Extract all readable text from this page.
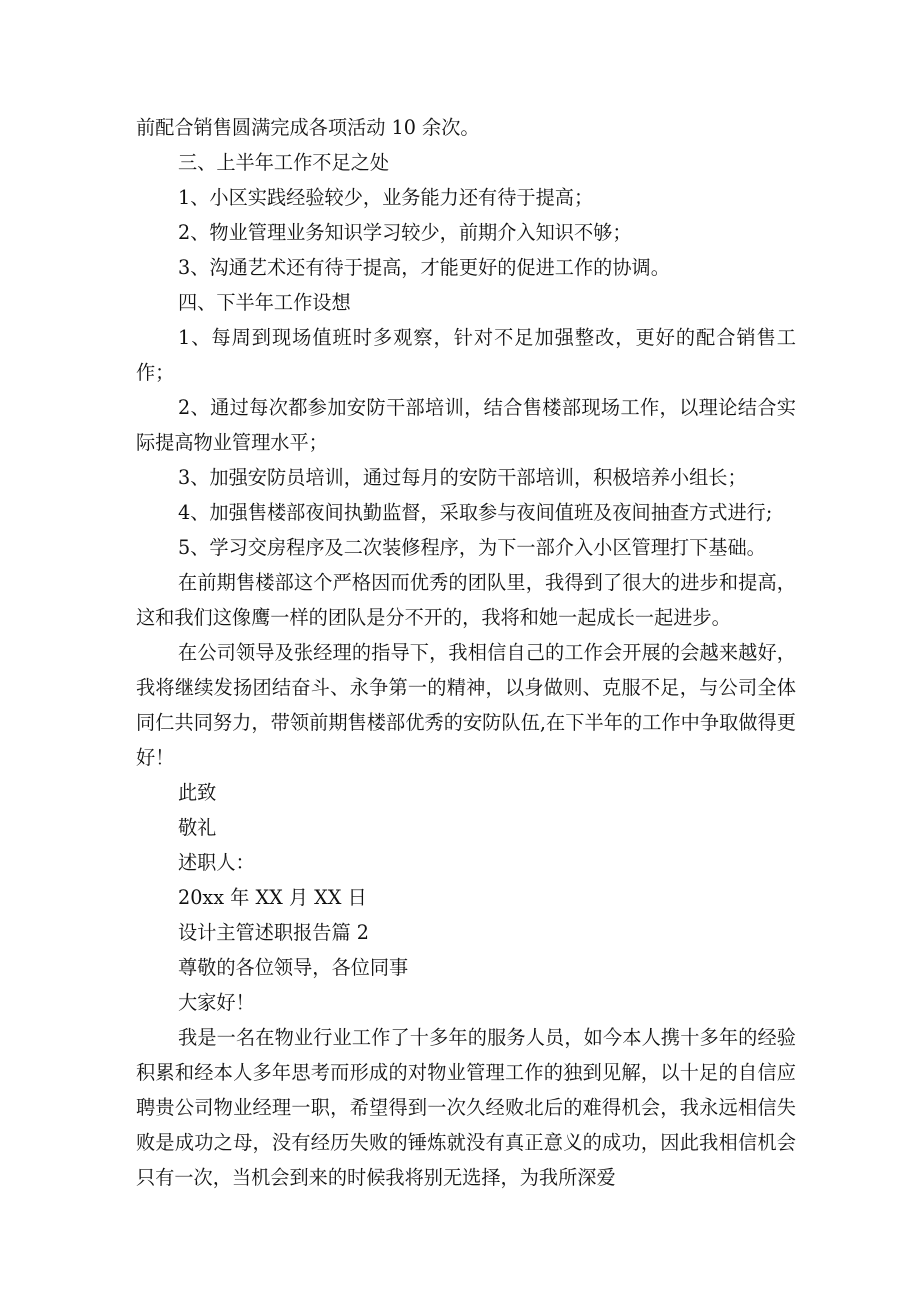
前配合销售圆满完成各项活动 10 余次。
三、上半年工作不足之处
1、小区实践经验较少，业务能力还有待于提高；
2、物业管理业务知识学习较少，前期介入知识不够；
3、沟通艺术还有待于提高，才能更好的促进工作的协调。
四、下半年工作设想
1、每周到现场值班时多观察，针对不足加强整改，更好的配合销售工作；
2、通过每次都参加安防干部培训，结合售楼部现场工作，以理论结合实际提高物业管理水平；
3、加强安防员培训，通过每月的安防干部培训，积极培养小组长；
4、加强售楼部夜间执勤监督，采取参与夜间值班及夜间抽查方式进行;
5、学习交房程序及二次装修程序，为下一部介入小区管理打下基础。
在前期售楼部这个严格因而优秀的团队里，我得到了很大的进步和提高，这和我们这像鹰一样的团队是分不开的，我将和她一起成长一起进步。
在公司领导及张经理的指导下，我相信自己的工作会开展的会越来越好，我将继续发扬团结奋斗、永争第一的精神，以身做则、克服不足，与公司全体同仁共同努力，带领前期售楼部优秀的安防队伍,在下半年的工作中争取做得更好！
此致
敬礼
述职人：
20xx 年 XX 月 XX 日
设计主管述职报告篇 2
尊敬的各位领导，各位同事
大家好！
我是一名在物业行业工作了十多年的服务人员，如今本人携十多年的经验积累和经本人多年思考而形成的对物业管理工作的独到见解，以十足的自信应聘贵公司物业经理一职，希望得到一次久经败北后的难得机会，我永远相信失败是成功之母，没有经历失败的锤炼就没有真正意义的成功，因此我相信机会只有一次，当机会到来的时候我将别无选择，为我所深爱
